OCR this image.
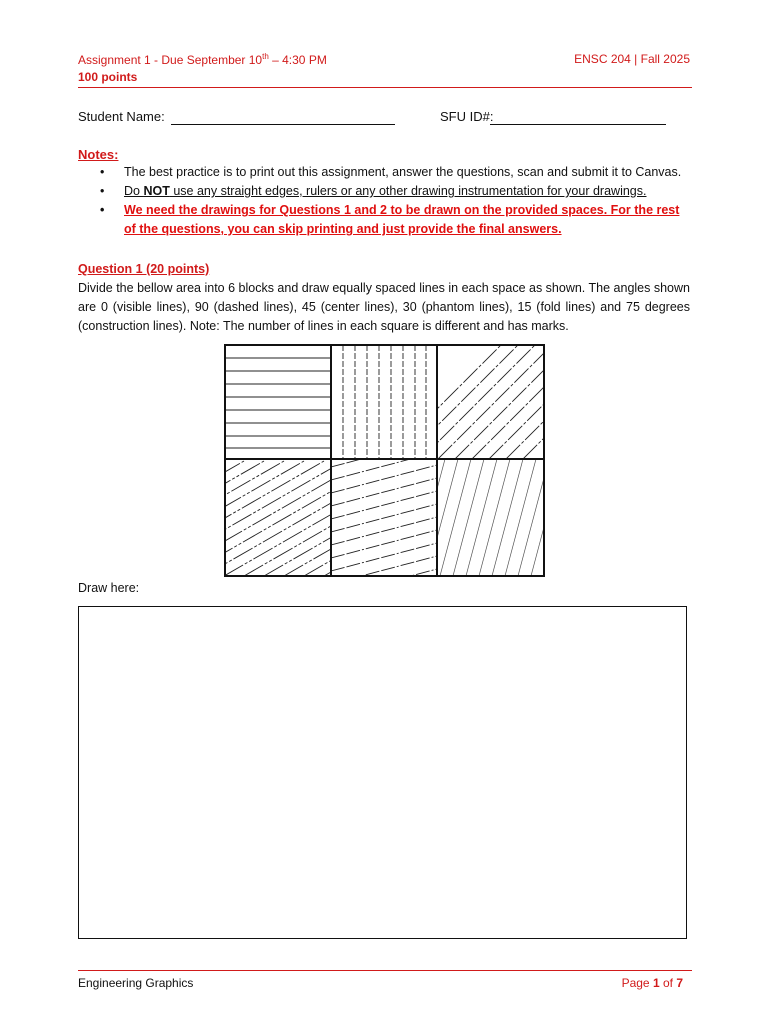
Assignment 1 - Due September 10th – 4:30 PM	ENSC 204 | Fall 2025
100 points
Student Name:	SFU ID#:
Notes:
• The best practice is to print out this assignment, answer the questions, scan and submit it to Canvas.
• Do NOT use any straight edges, rulers or any other drawing instrumentation for your drawings.
• We need the drawings for Questions 1 and 2 to be drawn on the provided spaces. For the rest of the questions, you can skip printing and just provide the final answers.
Question 1 (20 points)
Divide the bellow area into 6 blocks and draw equally spaced lines in each space as shown. The angles shown are 0 (visible lines), 90 (dashed lines), 45 (center lines), 30 (phantom lines), 15 (fold lines) and 75 degrees (construction lines). Note: The number of lines in each square is different and has marks.
Draw here:
Engineering Graphics	Page 1 of 7
